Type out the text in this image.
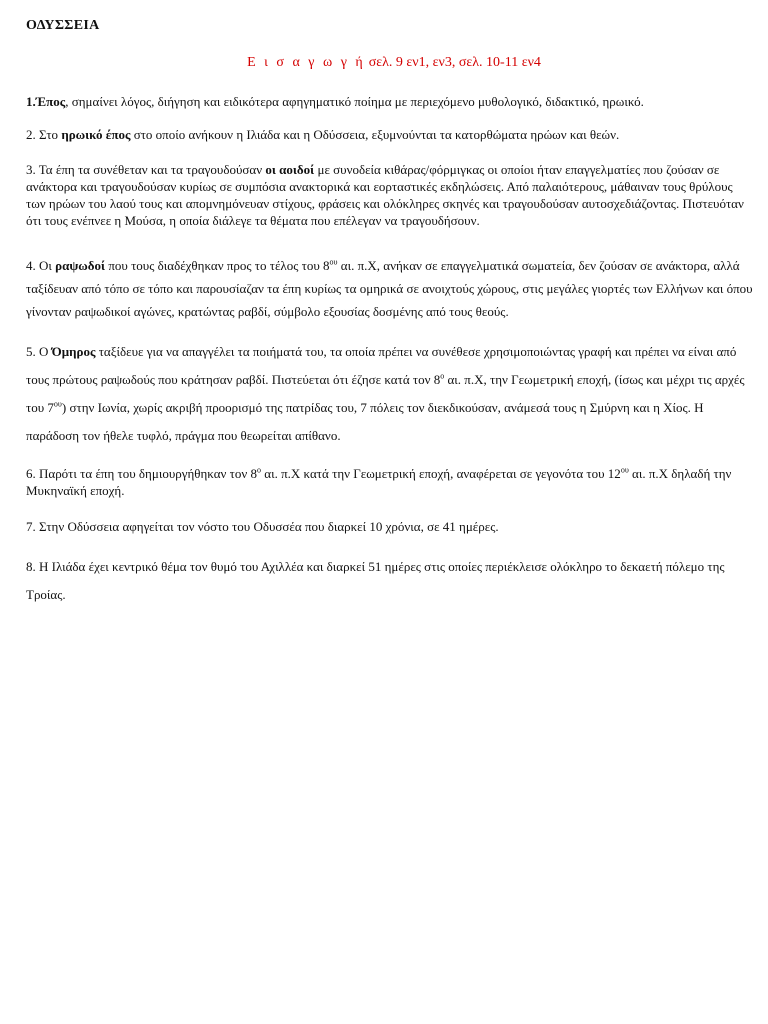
ΟΔΥΣΣΕΙΑ
Ε ι σ α γ ω γ ή σελ. 9 εν1, εν3, σελ. 10-11 εν4
1.Έπος, σημαίνει λόγος, διήγηση και ειδικότερα αφηγηματικό ποίημα με περιεχόμενο μυθολογικό, διδακτικό, ηρωικό.
2. Στο ηρωικό έπος στο οποίο ανήκουν η Ιλιάδα και η Οδύσσεια, εξυμνούνται τα κατορθώματα ηρώων και θεών.
3. Τα έπη τα συνέθεταν και τα τραγουδούσαν οι αοιδοί με συνοδεία κιθάρας/φόρμιγκας οι οποίοι ήταν επαγγελματίες που ζούσαν σε ανάκτορα και τραγουδούσαν κυρίως σε συμπόσια ανακτορικά και εορταστικές εκδηλώσεις. Από παλαιότερους, μάθαιναν τους θρύλους των ηρώων του λαού τους και απομνημόνευαν στίχους, φράσεις και ολόκληρες σκηνές και τραγουδούσαν αυτοσχεδιάζοντας. Πιστευόταν ότι τους ενέπνεε η Μούσα, η οποία διάλεγε τα θέματα που επέλεγαν να τραγουδήσουν.
4. Οι ραψωδοί που τους διαδέχθηκαν προς το τέλος του $8^{o\upsilon}$ αι. π.Χ, ανήκαν σε επαγγελματικά σωματεία, δεν ζούσαν σε ανάκτορα, αλλά ταξίδευαν από τόπο σε τόπο και παρουσίαζαν τα έπη κυρίως τα ομηρικά σε ανοιχτούς χώρους, στις μεγάλες γιορτές των Ελλήνων και όπου γίνονταν ραψωδικοί αγώνες, κρατώντας ραβδί, σύμβολο εξουσίας δοσμένης από τους θεούς.
5. Ο Όμηρος ταξίδευε για να απαγγέλει τα ποιήματά του, τα οποία πρέπει να συνέθεσε χρησιμοποιώντας γραφή και πρέπει να είναι από τους πρώτους ραψωδούς που κράτησαν ραβδί. Πιστεύεται ότι έζησε κατά τον $8^o$ αι. π.Χ, την Γεωμετρική εποχή, (ίσως και μέχρι τις αρχές του $7^{o\upsilon}$) στην Ιωνία, χωρίς ακριβή προορισμό της πατρίδας του, 7 πόλεις τον διεκδικούσαν, ανάμεσά τους η Σμύρνη και η Χίος. Η παράδοση τον ήθελε τυφλό, πράγμα που θεωρείται απίθανο.
6. Παρότι τα έπη του δημιουργήθηκαν τον $8^o$ αι. π.Χ κατά την Γεωμετρική εποχή, αναφέρεται σε γεγονότα του $12^{o\upsilon}$ αι. π.Χ δηλαδή την Μυκηναϊκή εποχή.
7. Στην Οδύσσεια αφηγείται τον νόστο του Οδυσσέα που διαρκεί 10 χρόνια, σε 41 ημέρες.
8. Η Ιλιάδα έχει κεντρικό θέμα τον θυμό του Αχιλλέα και διαρκεί 51 ημέρες στις οποίες περιέκλεισε ολόκληρο το δεκαετή πόλεμο της Τροίας.
